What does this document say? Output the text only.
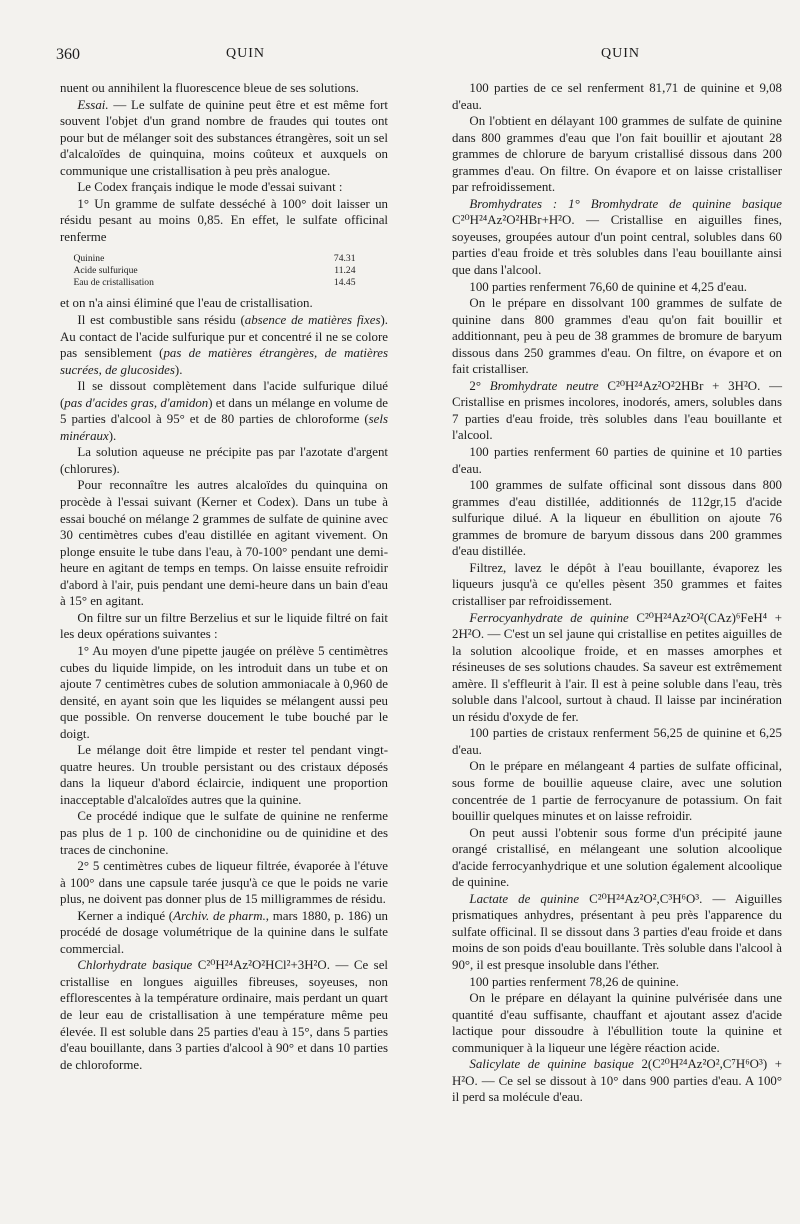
360	QUIN	QUIN

nuent ou annihilent la fluorescence bleue de ses solutions.

Essai. — Le sulfate de quinine peut être et est même fort souvent l'objet d'un grand nombre de fraudes qui toutes ont pour but de mélanger soit des substances étrangères, soit un sel d'alcaloïdes de quinquina, moins coûteux et auxquels on communique une cristallisation à peu près analogue.

Le Codex français indique le mode d'essai suivant :

1° Un gramme de sulfate desséché à 100° doit laisser un résidu pesant au moins 0,85. En effet, le sulfate officinal renferme

Quinine	74.31
Acide sulfurique	11.24
Eau de cristallisation	14.45

et on n'a ainsi éliminé que l'eau de cristallisation.

Il est combustible sans résidu (absence de matières fixes). Au contact de l'acide sulfurique pur et concentré il ne se colore pas sensiblement (pas de matières étrangères, de matières sucrées, de glucosides).

Il se dissout complètement dans l'acide sulfurique dilué (pas d'acides gras, d'amidon) et dans un mélange en volume de 5 parties d'alcool à 95° et de 80 parties de chloroforme (sels minéraux).

La solution aqueuse ne précipite pas par l'azotate d'argent (chlorures).

Pour reconnaître les autres alcaloïdes du quinquina on procède à l'essai suivant (Kerner et Codex). Dans un tube à essai bouché on mélange 2 grammes de sulfate de quinine avec 30 centimètres cubes d'eau distillée en agitant vivement. On plonge ensuite le tube dans l'eau, à 70-100° pendant une demi-heure en agitant de temps en temps. On laisse ensuite refroidir d'abord à l'air, puis pendant une demi-heure dans un bain d'eau à 15° en agitant.

On filtre sur un filtre Berzelius et sur le liquide filtré on fait les deux opérations suivantes :

1° Au moyen d'une pipette jaugée on prélève 5 centimètres cubes du liquide limpide, on les introduit dans un tube et on ajoute 7 centimètres cubes de solution ammoniacale à 0,960 de densité, en ayant soin que les liquides se mélangent aussi peu que possible. On renverse doucement le tube bouché par le doigt.

Le mélange doit être limpide et rester tel pendant vingt-quatre heures. Un trouble persistant ou des cristaux déposés dans la liqueur d'abord éclaircie, indiquent une proportion inacceptable d'alcaloïdes autres que la quinine.

Ce procédé indique que le sulfate de quinine ne renferme pas plus de 1 p. 100 de cinchonidine ou de quinidine et des traces de cinchonine.

2° 5 centimètres cubes de liqueur filtrée, évaporée à l'étuve à 100° dans une capsule tarée jusqu'à ce que le poids ne varie plus, ne doivent pas donner plus de 15 milligrammes de résidu.

Kerner a indiqué (Archiv. de pharm., mars 1880, p. 186) un procédé de dosage volumétrique de la quinine dans le sulfate commercial.

Chlorhydrate basique C²⁰H²⁴Az²O²HCl²+3H²O. — Ce sel cristallise en longues aiguilles fibreuses, soyeuses, non efflorescentes à la température ordinaire, mais perdant un quart de leur eau de cristallisation à une température même peu élevée. Il est soluble dans 25 parties d'eau à 15°, dans 5 parties d'eau bouillante, dans 3 parties d'alcool à 90° et dans 10 parties de chloroforme.

100 parties de ce sel renferment 81,71 de quinine et 9,08 d'eau.

On l'obtient en délayant 100 grammes de sulfate de quinine dans 800 grammes d'eau que l'on fait bouillir et ajoutant 28 grammes de chlorure de baryum cristallisé dissous dans 200 grammes d'eau. On filtre. On évapore et on laisse cristalliser par refroidissement.

Bromhydrates : 1° Bromhydrate de quinine basique C²⁰H²⁴Az²O²HBr+H²O. — Cristallise en aiguilles fines, soyeuses, groupées autour d'un point central, solubles dans 60 parties d'eau froide et très solubles dans l'eau bouillante ainsi que dans l'alcool.

100 parties renferment 76,60 de quinine et 4,25 d'eau.

On le prépare en dissolvant 100 grammes de sulfate de quinine dans 800 grammes d'eau qu'on fait bouillir et additionnant, peu à peu de 38 grammes de bromure de baryum dissous dans 250 grammes d'eau. On filtre, on évapore et on fait cristalliser.

2° Bromhydrate neutre C²⁰H²⁴Az²O²2HBr + 3H²O. — Cristallise en prismes incolores, inodorés, amers, solubles dans 7 parties d'eau froide, très solubles dans l'eau bouillante et l'alcool.

100 parties renferment 60 parties de quinine et 10 parties d'eau.

100 grammes de sulfate officinal sont dissous dans 800 grammes d'eau distillée, additionnés de 112gr,15 d'acide sulfurique dilué. A la liqueur en ébullition on ajoute 76 grammes de bromure de baryum dissous dans 200 grammes d'eau distillée.

Filtrez, lavez le dépôt à l'eau bouillante, évaporez les liqueurs jusqu'à ce qu'elles pèsent 350 grammes et faites cristalliser par refroidissement.

Ferrocyanhydrate de quinine C²⁰H²⁴Az²O²(CAz)⁶FeH⁴ + 2H²O. — C'est un sel jaune qui cristallise en petites aiguilles de la solution alcoolique froide, et en masses amorphes et résineuses de ses solutions chaudes. Sa saveur est extrêmement amère. Il s'effleurit à l'air. Il est à peine soluble dans l'eau, très soluble dans l'alcool, surtout à chaud. Il laisse par incinération un résidu d'oxyde de fer.

100 parties de cristaux renferment 56,25 de quinine et 6,25 d'eau.

On le prépare en mélangeant 4 parties de sulfate officinal, sous forme de bouillie aqueuse claire, avec une solution concentrée de 1 partie de ferrocyanure de potassium. On fait bouillir quelques minutes et on laisse refroidir.

On peut aussi l'obtenir sous forme d'un précipité jaune orangé cristallisé, en mélangeant une solution alcoolique d'acide ferrocyanhydrique et une solution également alcoolique de quinine.

Lactate de quinine C²⁰H²⁴Az²O²,C³H⁶O³. — Aiguilles prismatiques anhydres, présentant à peu près l'apparence du sulfate officinal. Il se dissout dans 3 parties d'eau froide et dans moins de son poids d'eau bouillante. Très soluble dans l'alcool à 90°, il est presque insoluble dans l'éther.

100 parties renferment 78,26 de quinine.

On le prépare en délayant la quinine pulvérisée dans une quantité d'eau suffisante, chauffant et ajoutant assez d'acide lactique pour dissoudre à l'ébullition toute la quinine et communiquer à la liqueur une légère réaction acide.

Salicylate de quinine basique 2(C²⁰H²⁴Az²O²,C⁷H⁶O³) + H²O. — Ce sel se dissout à 10° dans 900 parties d'eau. A 100° il perd sa molécule d'eau.
